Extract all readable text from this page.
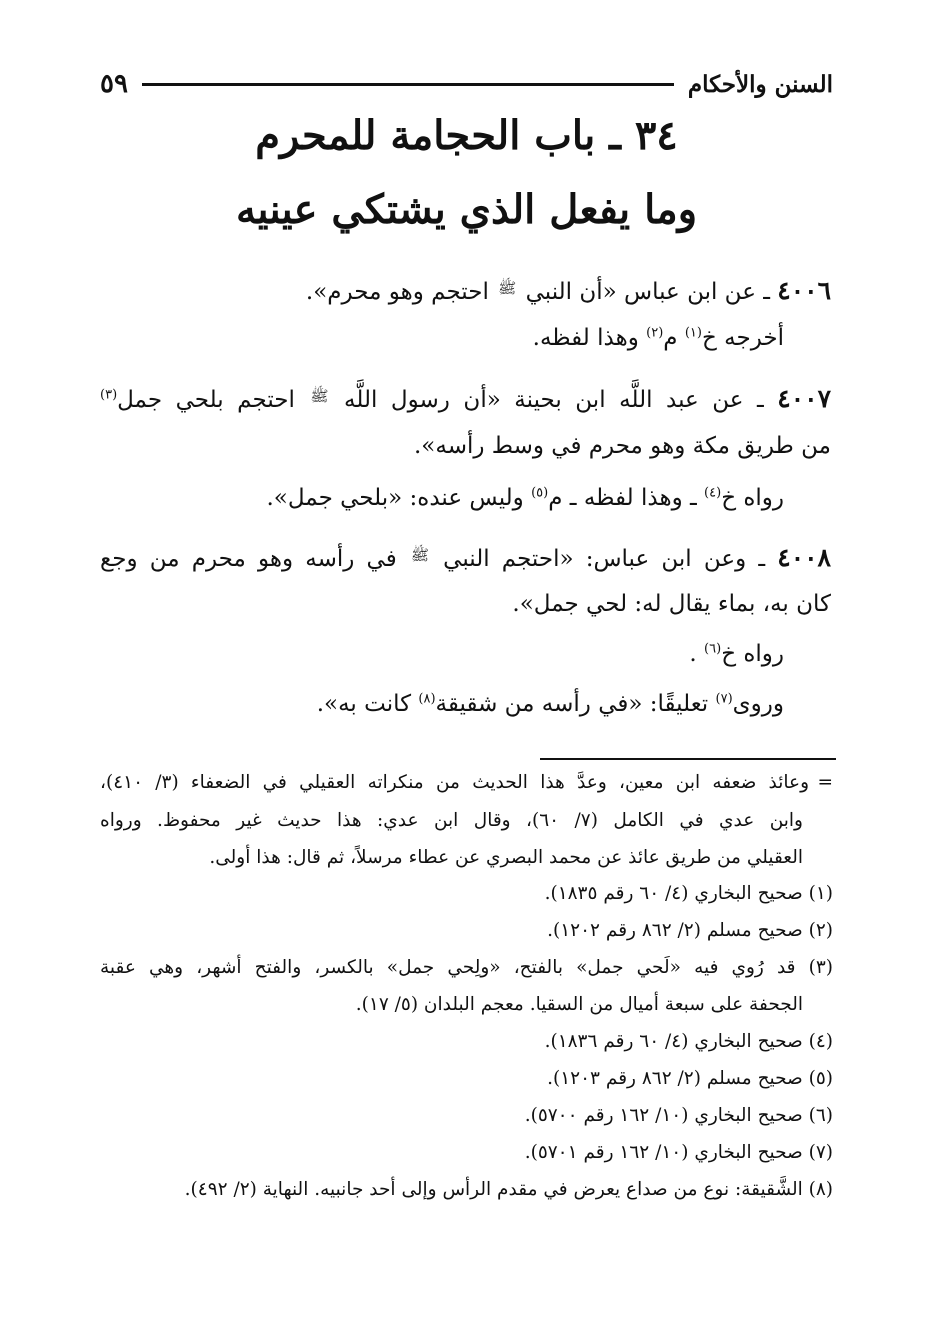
السنن والأحكام
٥٩
٣٤ ـ باب الحجامة للمحرم
وما يفعل الذي يشتكي عينيه
٤٠٠٦ ـ عن ابن عباس «أن النبي $^ﷺ$ احتجم وهو محرم».
أخرجه خ$^{(١)}$ م$^{(٢)}$ وهذا لفظه.
٤٠٠٧ ـ عن عبد اللَّه ابن بحينة «أن رسول اللَّه $^ﷺ$ احتجم بلحي جمل$^{(٣)}$
من طريق مكة وهو محرم في وسط رأسه».
رواه خ$^{(٤)}$ ـ وهذا لفظه ـ م$^{(٥)}$ وليس عنده: «بلحي جمل».
٤٠٠٨ ـ وعن ابن عباس: «احتجم النبي $^ﷺ$ في رأسه وهو محرم من وجع
كان به، بماء يقال له: لحي جمل».
رواه خ$^{(٦)}$ .
وروى$^{(٧)}$ تعليقًا: «في رأسه من شقيقة$^{(٨)}$ كانت به».
=وعائذ ضعفه ابن معين، وعدَّ هذا الحديث من منكراته العقيلي في الضعفاء (٣/ ٤١٠)،
وابن عدي في الكامل (٧/ ٦٠)، وقال ابن عدي: هذا حديث غير محفوظ. ورواه
العقيلي من طريق عائذ عن محمد البصري عن عطاء مرسلاً، ثم قال: هذا أولى.
(١) صحيح البخاري (٤/ ٦٠ رقم ١٨٣٥).
(٢) صحيح مسلم (٢/ ٨٦٢ رقم ١٢٠٢).
(٣) قد رُوي فيه «لَحي جمل» بالفتح، «ولِحي جمل» بالكسر، والفتح أشهر، وهي عقبة
الجحفة على سبعة أميال من السقيا. معجم البلدان (٥/ ١٧).
(٤) صحيح البخاري (٤/ ٦٠ رقم ١٨٣٦).
(٥) صحيح مسلم (٢/ ٨٦٢ رقم ١٢٠٣).
(٦) صحيح البخاري (١٠/ ١٦٢ رقم ٥٧٠٠).
(٧) صحيح البخاري (١٠/ ١٦٢ رقم ٥٧٠١).
(٨) الشَّقيقة: نوع من صداع يعرض في مقدم الرأس وإلى أحد جانبيه. النهاية (٢/ ٤٩٢).
